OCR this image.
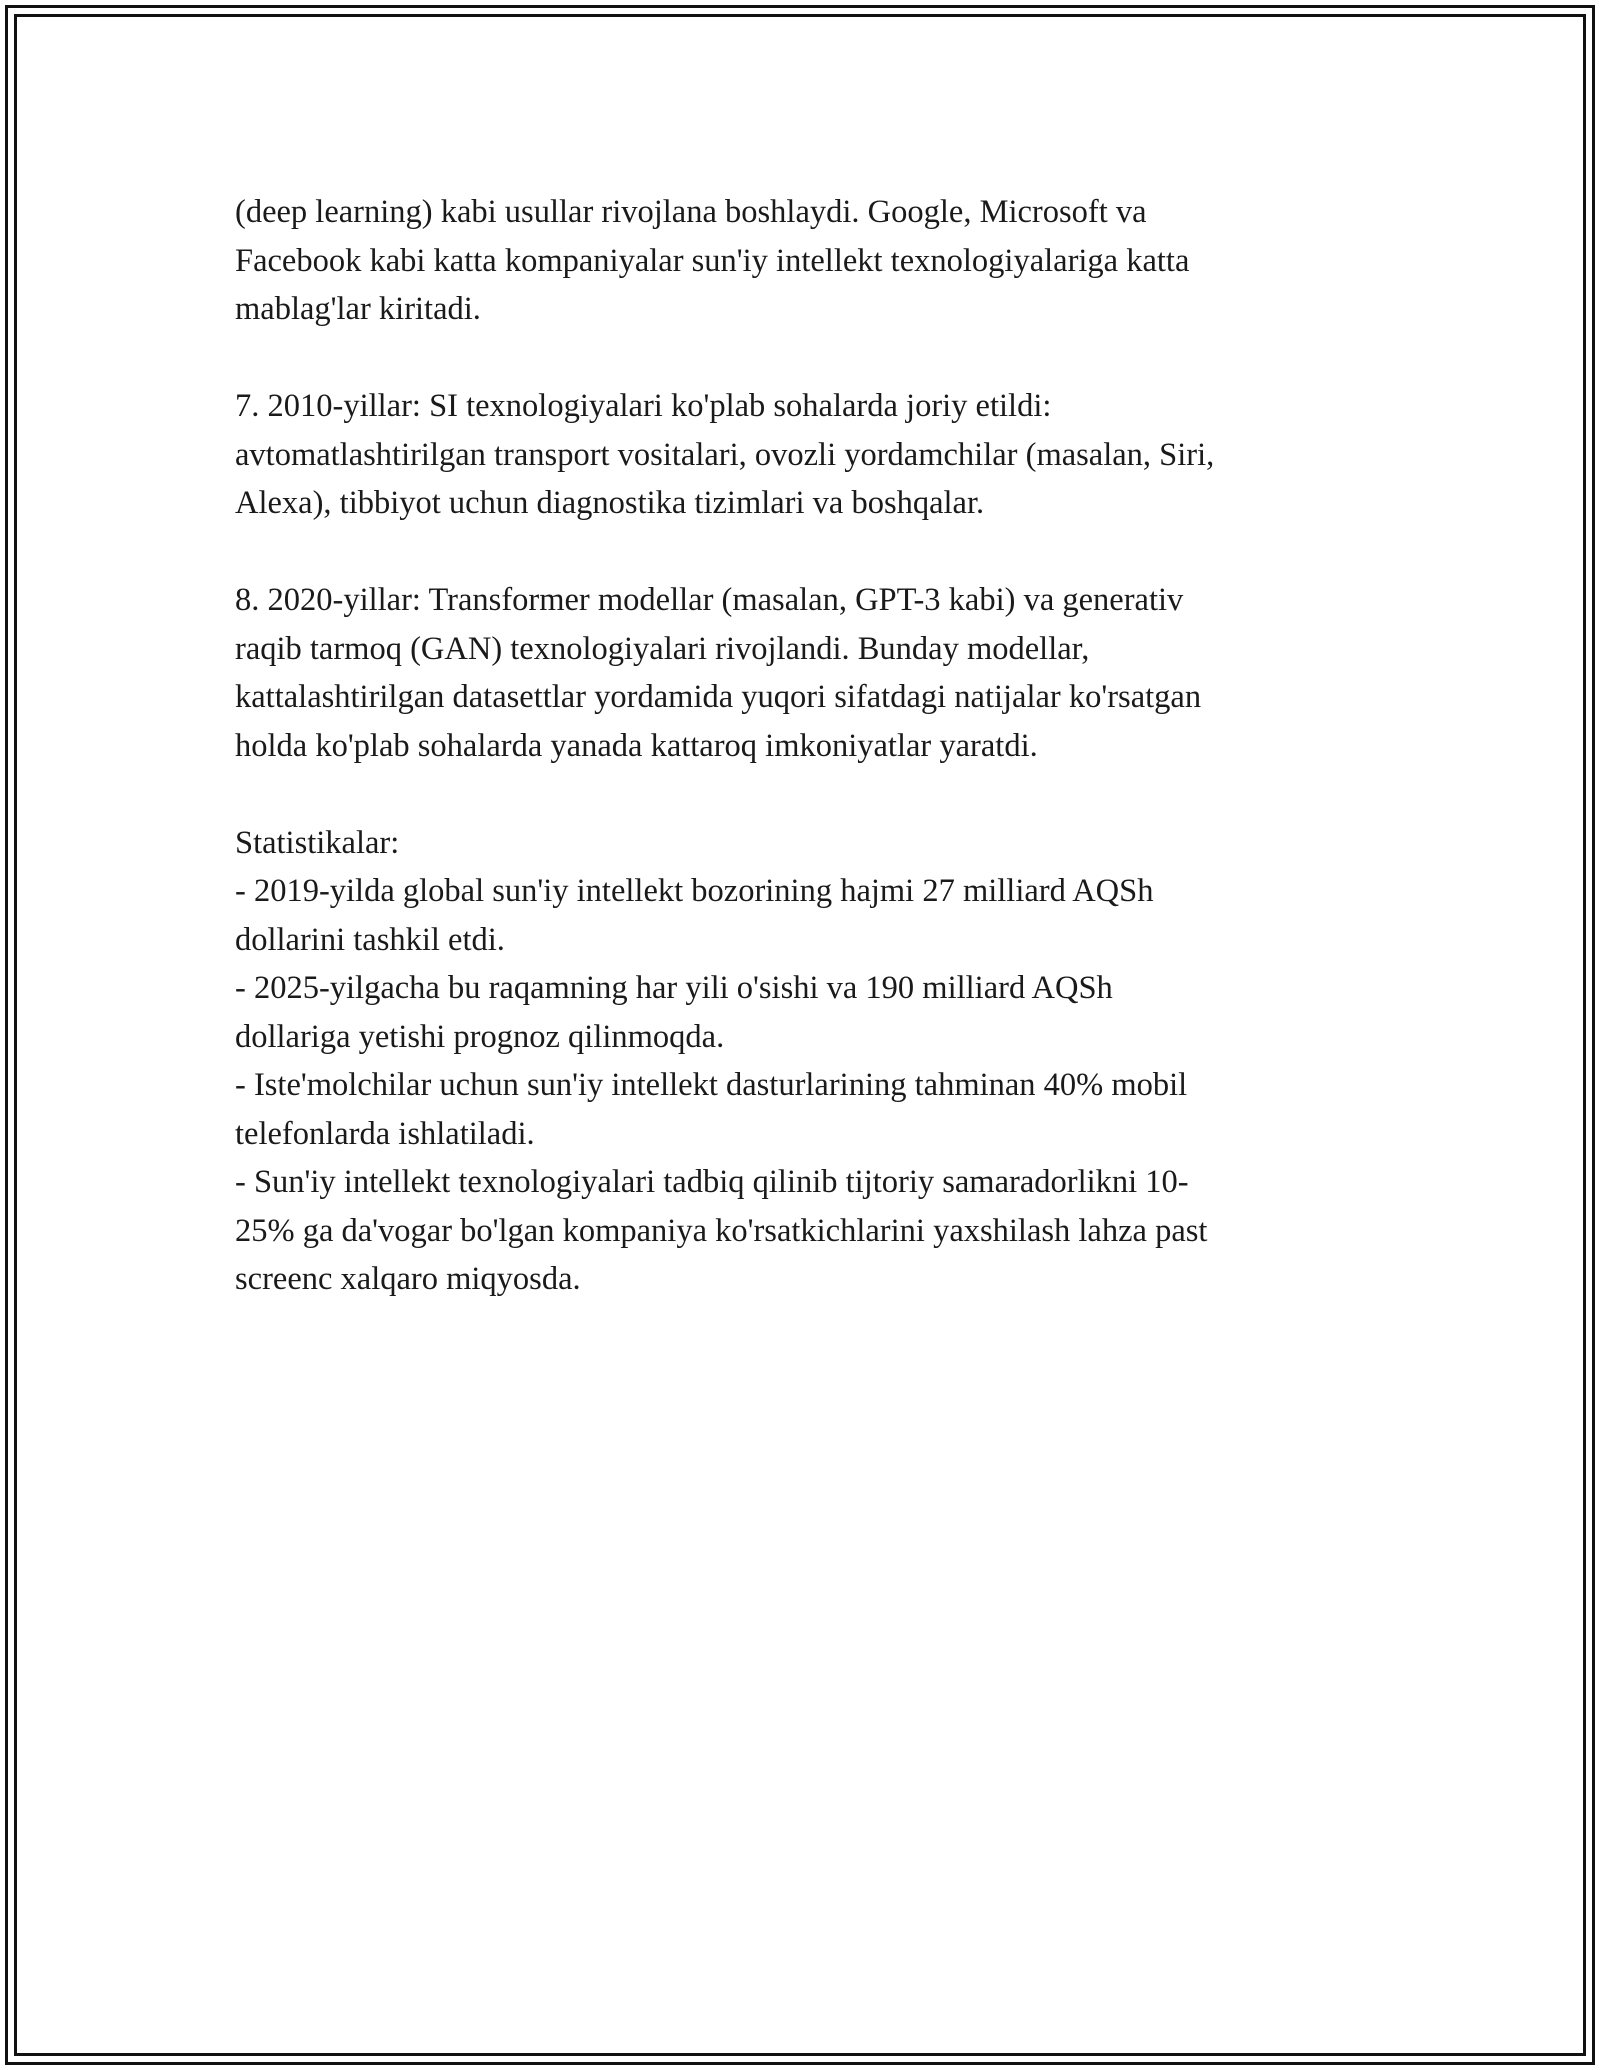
(deep learning) kabi usullar rivojlana boshlaydi. Google, Microsoft va
Facebook kabi katta kompaniyalar sun'iy intellekt texnologiyalariga katta
mablag'lar kiritadi.

7. 2010-yillar: SI texnologiyalari ko'plab sohalarda joriy etildi:
avtomatlashtirilgan transport vositalari, ovozli yordamchilar (masalan, Siri,
Alexa), tibbiyot uchun diagnostika tizimlari va boshqalar.

8. 2020-yillar: Transformer modellar (masalan, GPT-3 kabi) va generativ
raqib tarmoq (GAN) texnologiyalari rivojlandi. Bunday modellar,
kattalashtirilgan datasettlar yordamida yuqori sifatdagi natijalar ko'rsatgan
holda ko'plab sohalarda yanada kattaroq imkoniyatlar yaratdi.

Statistikalar:

- 2019-yilda global sun'iy intellekt bozorining hajmi 27 milliard AQSh
dollarini tashkil etdi.

- 2025-yilgacha bu raqamning har yili o'sishi va 190 milliard AQSh
dollariga yetishi prognoz qilinmoqda.

- Iste'molchilar uchun sun'iy intellekt dasturlarining tahminan 40% mobil
telefonlarda ishlatiladi.

- Sun'iy intellekt texnologiyalari tadbiq qilinib tijtoriy samaradorlikni 10-
25% ga da'vogar bo'lgan kompaniya ko'rsatkichlarini yaxshilash lahza past
screenc xalqaro miqyosda.
